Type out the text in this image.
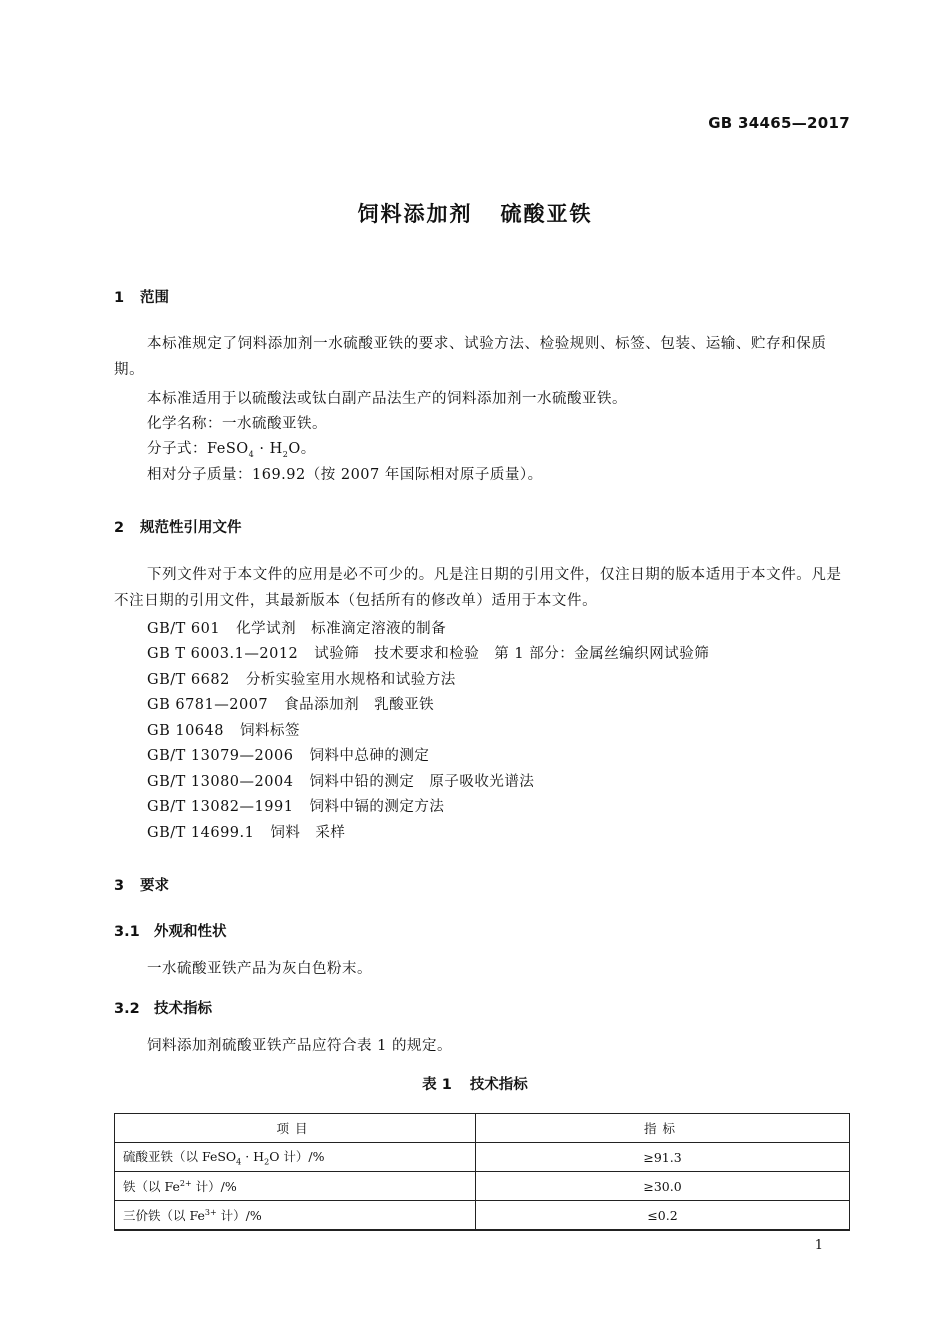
GB 34465—2017
饲料添加剂 硫酸亚铁
1 范围
本标准规定了饲料添加剂一水硫酸亚铁的要求、试验方法、检验规则、标签、包装、运输、贮存和保质期。
本标准适用于以硫酸法或钛白副产品法生产的饲料添加剂一水硫酸亚铁。
化学名称：一水硫酸亚铁。
分子式：FeSO$_4$ · $H_2O$。
相对分子质量：169.92（按 2007 年国际相对原子质量）。
2 规范性引用文件
下列文件对于本文件的应用是必不可少的。凡是注日期的引用文件，仅注日期的版本适用于本文件。凡是不注日期的引用文件，其最新版本（包括所有的修改单）适用于本文件。
GB/T 601 化学试剂　标准滴定溶液的制备
GB T 6003.1—2012 试验筛　技术要求和检验　第 1 部分：金属丝编织网试验筛
GB/T 6682 分析实验室用水规格和试验方法
GB 6781—2007 食品添加剂　乳酸亚铁
GB 10648 饲料标签
GB/T 13079—2006 饲料中总砷的测定
GB/T 13080—2004 饲料中铅的测定　原子吸收光谱法
GB/T 13082—1991 饲料中镉的测定方法
GB/T 14699.1 饲料　采样
3 要求
3.1 外观和性状
一水硫酸亚铁产品为灰白色粉末。
3.2 技术指标
饲料添加剂硫酸亚铁产品应符合表 1 的规定。
表 1 技术指标
项目	指标
硫酸亚铁（以 FeSO$_4$ · $H_2O$ 计）/%	≥91.3
铁（以 $Fe^{2+}$ 计）/%	≥30.0
三价铁（以 $Fe^{3+}$ 计）/%	≤0.2
1
